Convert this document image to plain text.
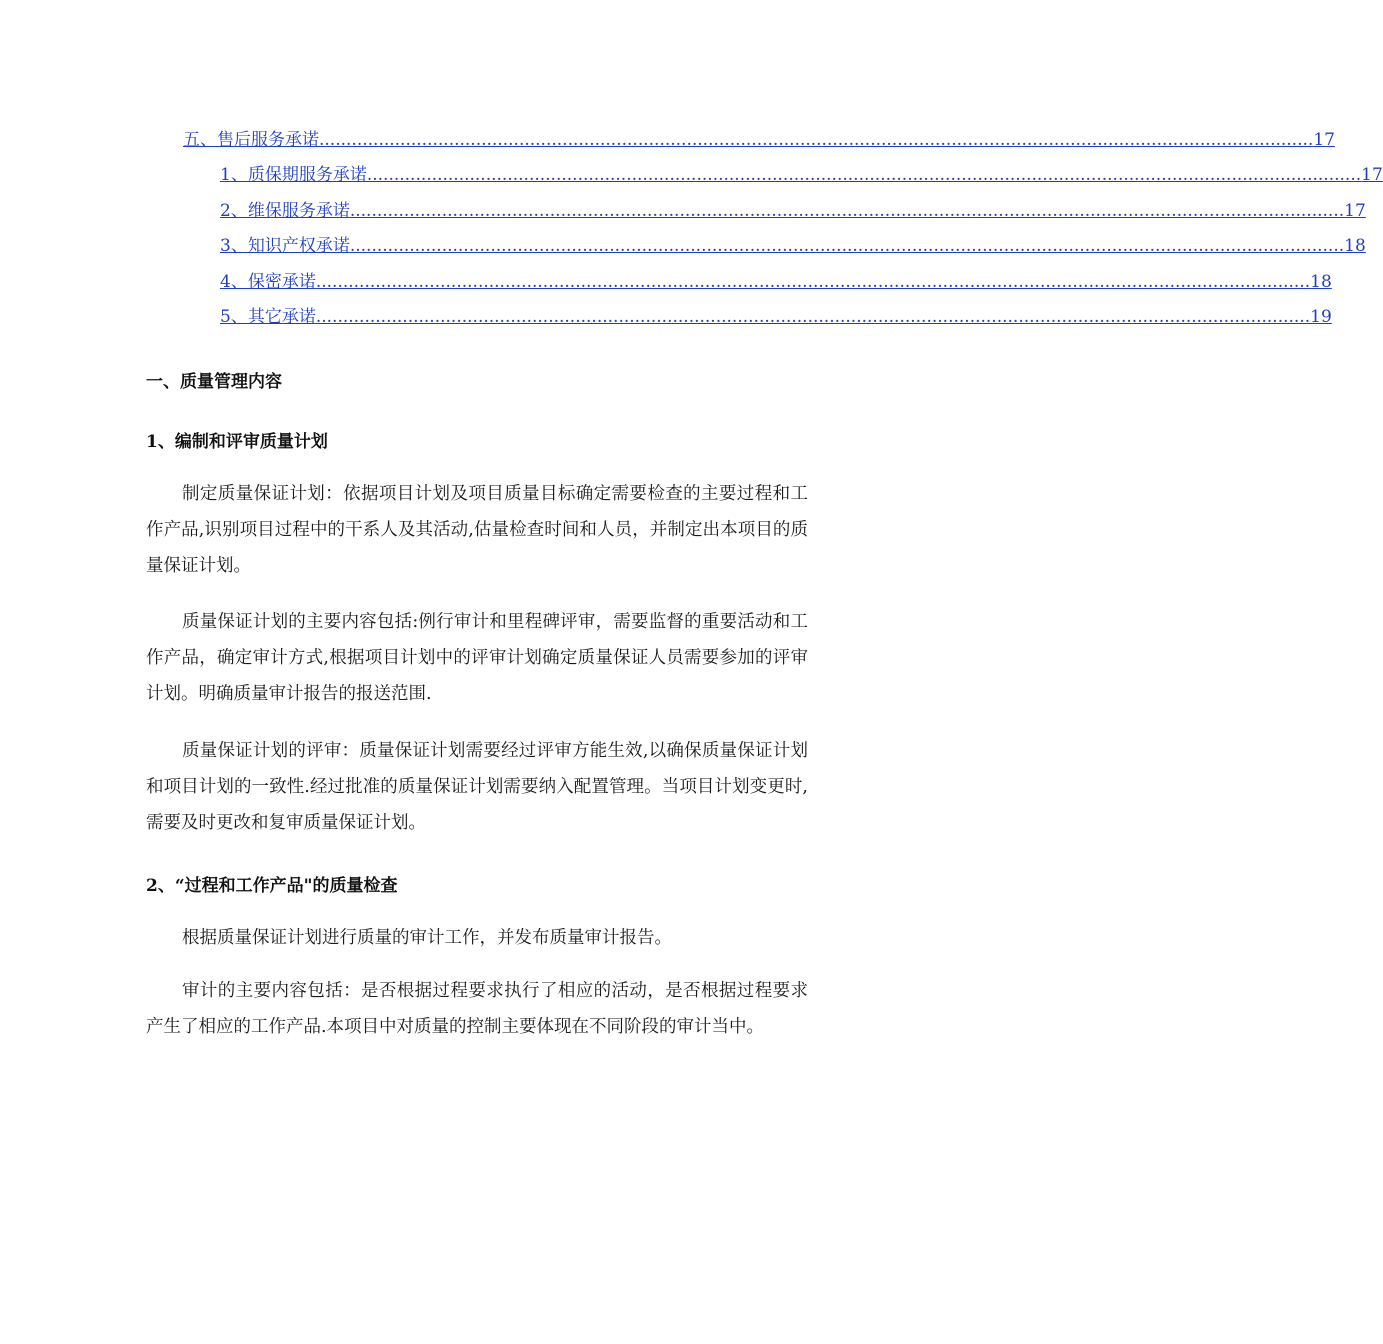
五、售后服务承诺 ........................................................................................................................................................................................ 17
1、质保期服务承诺 ........................................................................................................................................................................................ 17
2、维保服务承诺 ........................................................................................................................................................................................ 17
3、知识产权承诺 ........................................................................................................................................................................................ 18
4、保密承诺 ........................................................................................................................................................................................ 18
5、其它承诺 ........................................................................................................................................................................................ 19
一、质量管理内容
1、编制和评审质量计划

制定质量保证计划：依据项目计划及项目质量目标确定需要检查的主要过程和工作产品,识别项目过程中的干系人及其活动,估量检查时间和人员，并制定出本项目的质量保证计划。

质量保证计划的主要内容包括:例行审计和里程碑评审，需要监督的重要活动和工作产品，确定审计方式,根据项目计划中的评审计划确定质量保证人员需要参加的评审计划。明确质量审计报告的报送范围.

质量保证计划的评审：质量保证计划需要经过评审方能生效,以确保质量保证计划和项目计划的一致性.经过批准的质量保证计划需要纳入配置管理。当项目计划变更时,需要及时更改和复审质量保证计划。

2、“过程和工作产品"的质量检查

根据质量保证计划进行质量的审计工作，并发布质量审计报告。

审计的主要内容包括：是否根据过程要求执行了相应的活动，是否根据过程要求产生了相应的工作产品.本项目中对质量的控制主要体现在不同阶段的审计当中。
